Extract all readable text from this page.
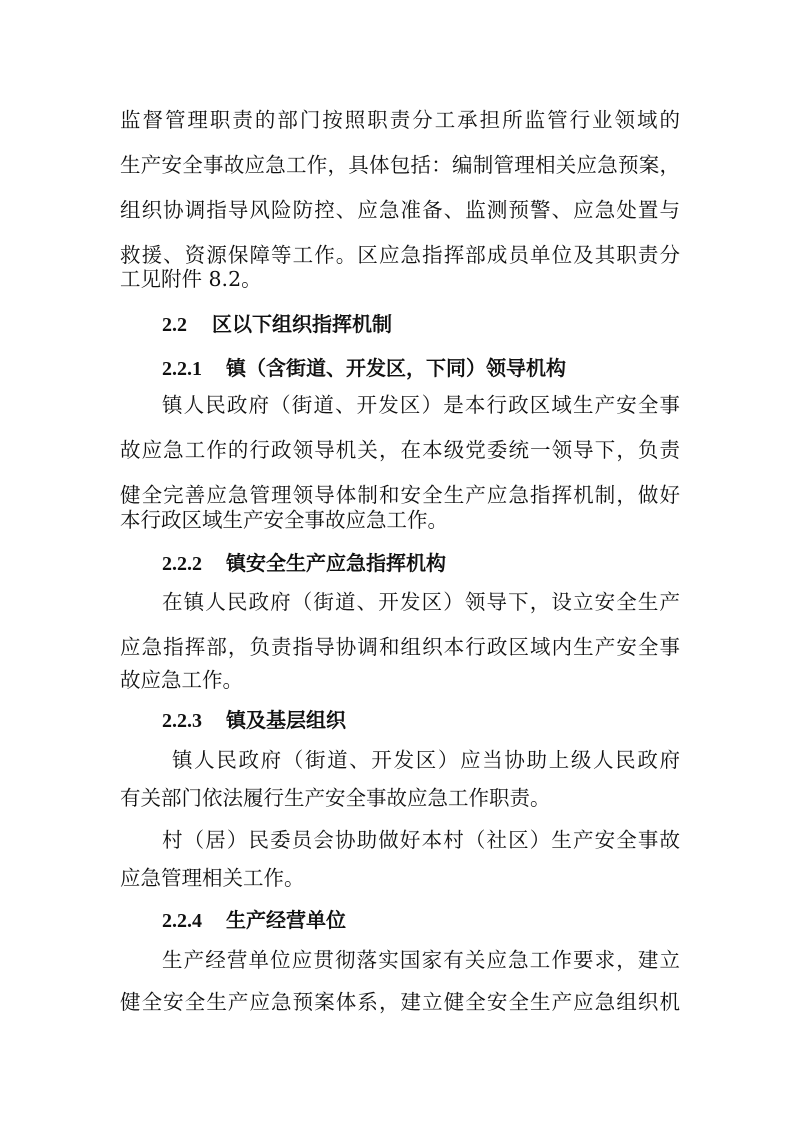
监督管理职责的部门按照职责分工承担所监管行业领域的
生产安全事故应急工作，具体包括：编制管理相关应急预案，
组织协调指导风险防控、应急准备、监测预警、应急处置与
救援、资源保障等工作。区应急指挥部成员单位及其职责分
工见附件 8.2。
2.2 区以下组织指挥机制
2.2.1 镇（含街道、开发区，下同）领导机构
镇人民政府（街道、开发区）是本行政区域生产安全事
故应急工作的行政领导机关，在本级党委统一领导下，负责
健全完善应急管理领导体制和安全生产应急指挥机制，做好
本行政区域生产安全事故应急工作。
2.2.2 镇安全生产应急指挥机构
在镇人民政府（街道、开发区）领导下，设立安全生产
应急指挥部，负责指导协调和组织本行政区域内生产安全事
故应急工作。
2.2.3 镇及基层组织
镇人民政府（街道、开发区）应当协助上级人民政府
有关部门依法履行生产安全事故应急工作职责。
村（居）民委员会协助做好本村（社区）生产安全事故
应急管理相关工作。
2.2.4 生产经营单位
生产经营单位应贯彻落实国家有关应急工作要求，建立
健全安全生产应急预案体系，建立健全安全生产应急组织机
